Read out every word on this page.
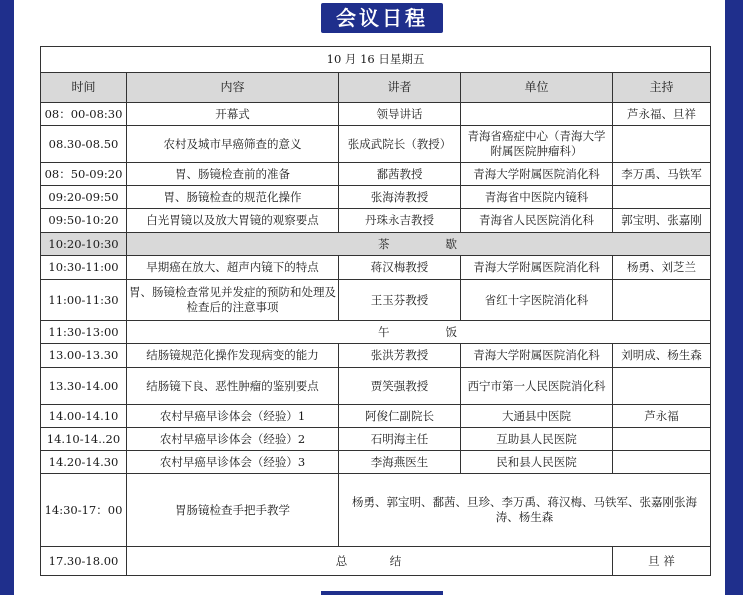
会议日程
10 月 16 日星期五				
时间	内容	讲者	单位	主持
08：00-08:30	开幕式	领导讲话		芦永福、旦祥
08.30-08.50	农村及城市早癌筛查的意义	张成武院长（教授）	青海省癌症中心（青海大学附属医院肿瘤科）	
08：50-09:20	胃、肠镜检查前的准备	鄱茜教授	青海大学附属医院消化科	李万禹、马铁军
09:20-09:50	胃、肠镜检查的规范化操作	张海涛教授	青海省中医院内镜科	
09:50-10:20	白光胃镜以及放大胃镜的观察要点	丹珠永吉教授	青海省人民医院消化科	郭宝明、张嘉刚
10:20-10:30	茶　　　　歇			
10:30-11:00	早期癌在放大、超声内镜下的特点	蒋汉梅教授	青海大学附属医院消化科	杨勇、刘芝兰
11:00-11:30	胃、肠镜检查常见并发症的预防和处理及检查后的注意事项	王玉芬教授	省红十字医院消化科	
11:30-13:00	午　　　　饭			
13.00-13.30	结肠镜规范化操作发现病变的能力	张洪芳教授	青海大学附属医院消化科	刘明成、杨生森
13.30-14.00	结肠镜下良、恶性肿瘤的鉴别要点	贾笑强教授	西宁市第一人民医院消化科	
14.00-14.10	农村早癌早诊体会（经验）1	阿俊仁副院长	大通县中医院	芦永福
14.10-14..20	农村早癌早诊体会（经验）2	石明海主任	互助县人民医院	
14.20-14.30	农村早癌早诊体会（经验）3	李海燕医生	民和县人民医院	
14:30-17：00	胃肠镜检查手把手教学	杨勇、郭宝明、鄱茜、旦珍、李万禹、蒋汉梅、马铁军、张嘉刚张海涛、杨生森		
17.30-18.00	总　　　结			旦 祥
